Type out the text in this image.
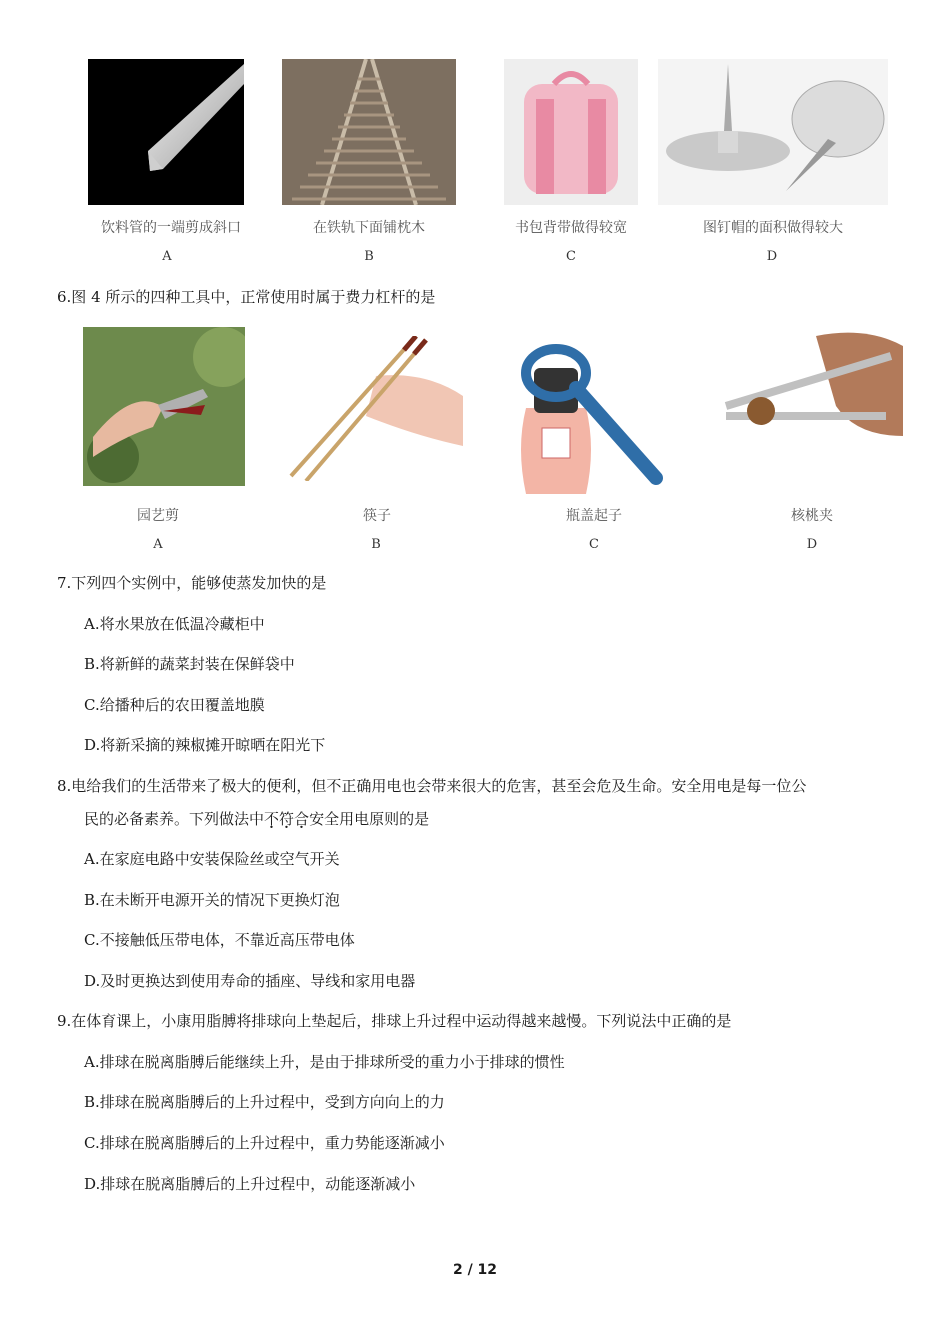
饮料管的一端剪成斜口	在铁轨下面铺枕木	书包背带做得较宽	图钉帽的面积做得较大
A	B	C	D
6.图 4 所示的四种工具中，正常使用时属于费力杠杆的是
园艺剪	筷子	瓶盖起子	核桃夹
A	B	C	D
7.下列四个实例中，能够使蒸发加快的是
A.将水果放在低温冷藏柜中
B.将新鲜的蔬菜封装在保鲜袋中
C.给播种后的农田覆盖地膜
D.将新采摘的辣椒摊开晾晒在阳光下
8.电给我们的生活带来了极大的便利，但不正确用电也会带来很大的危害，甚至会危及生命。安全用电是每一位公
民的必备素养。下列做法中不符合安全用电原则的是
A.在家庭电路中安装保险丝或空气开关
B.在未断开电源开关的情况下更换灯泡
C.不接触低压带电体，不靠近高压带电体
D.及时更换达到使用寿命的插座、导线和家用电器
9.在体育课上，小康用脂膊将排球向上垫起后，排球上升过程中运动得越来越慢。下列说法中正确的是
A.排球在脱离脂膊后能继续上升，是由于排球所受的重力小于排球的惯性
B.排球在脱离脂膊后的上升过程中，受到方向向上的力
C.排球在脱离脂膊后的上升过程中，重力势能逐渐减小
D.排球在脱离脂膊后的上升过程中，动能逐渐减小
2 / 12
